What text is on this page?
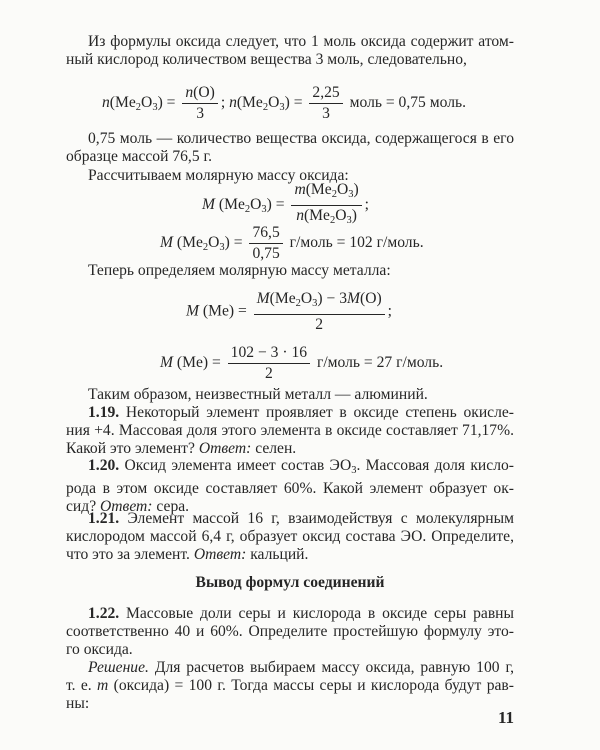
Из формулы оксида следует, что 1 моль оксида содержит атом-
ный кислород количеством вещества 3 моль, следовательно,
$n(Me_2O_3) = \frac{n(O)}{3}$ ; $n(Me_2O_3) = \frac{2,25}{3}$ моль = 0,75 моль.
0,75 моль — количество вещества оксида, содержащегося в его
образце массой 76,5 г.
Рассчитываем молярную массу оксида:
M $(Me_2O_3) = \frac{m(Me_2O_3)}{n(Me_2O_3)}$ ;
M $(Me_2O_3) = \frac{76,5}{0,75}$ г/моль = 102 г/моль.
Теперь определяем молярную массу металла:
M $(Me) = \frac{M(Me_2O_3) - 3M(O)}{2}$ ;
M $(Me) = \frac{102 - 3 \cdot 16}{2}$ г/моль = 27 г/моль.
Таким образом, неизвестный металл — алюминий.
1.19. Некоторый элемент проявляет в оксиде степень окисле-
ния +4. Массовая доля этого элемента в оксиде составляет 71,17%.
Какой это элемент? Ответ: селен.
1.20. Оксид элемента имеет состав $ЭО_3$. Массовая доля кисло-
рода в этом оксиде составляет 60%. Какой элемент образует ок-
сид? Ответ: сера.
1.21. Элемент массой 16 г, взаимодействуя с молекулярным
кислородом массой 6,4 г, образует оксид состава ЭО. Определите,
что это за элемент. Ответ: кальций.
Вывод формул соединений
1.22. Массовые доли серы и кислорода в оксиде серы равны
соответственно 40 и 60%. Определите простейшую формулу это-
го оксида.
Решение. Для расчетов выбираем массу оксида, равную 100 г,
т. е. m (оксида) = 100 г. Тогда массы серы и кислорода будут рав-
ны:
11
